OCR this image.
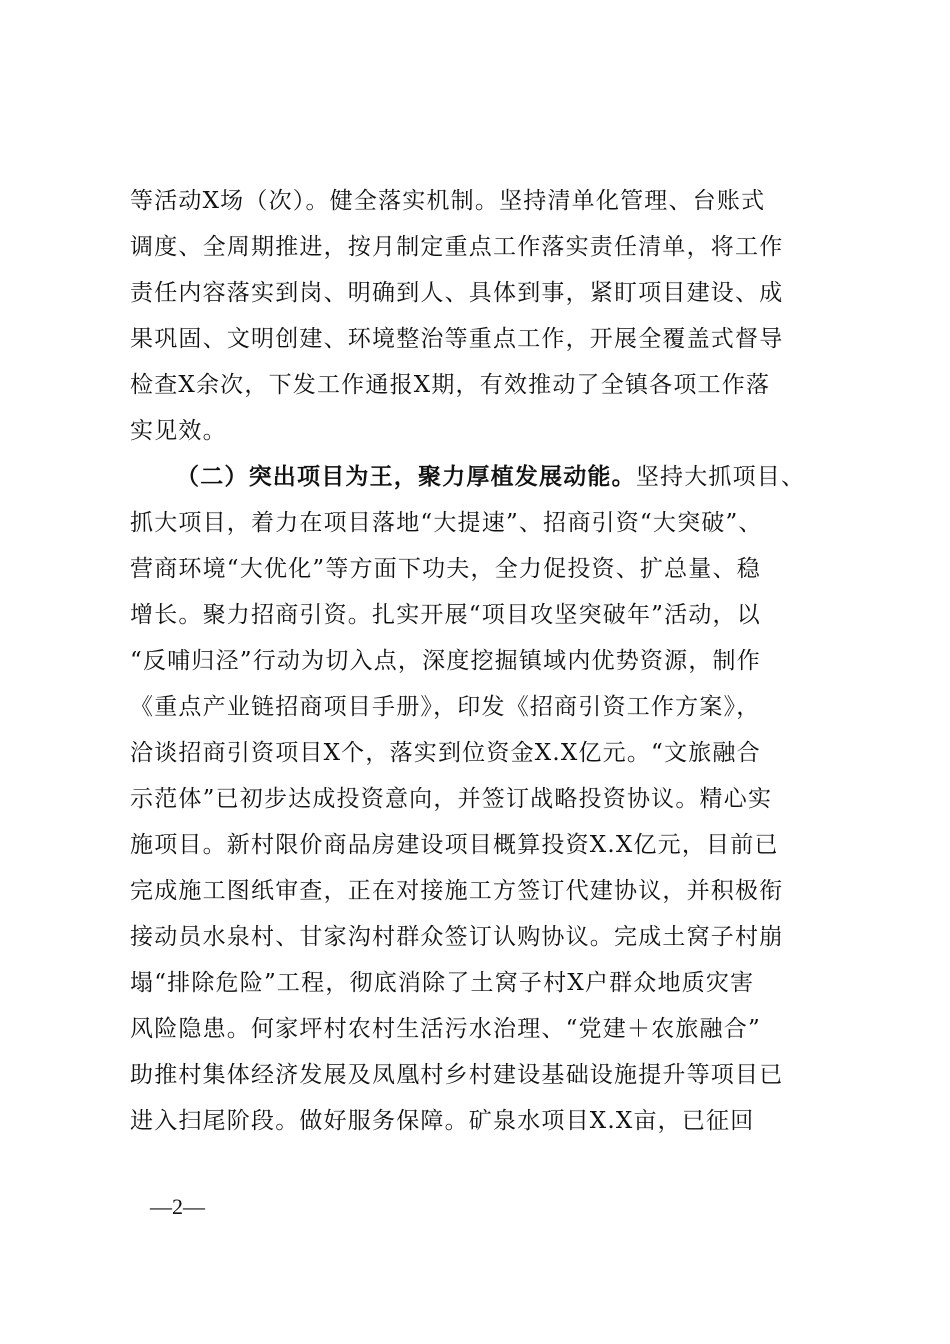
等活动X场（次）。健全落实机制。坚持清单化管理、台账式
调度、全周期推进，按月制定重点工作落实责任清单，将工作
责任内容落实到岗、明确到人、具体到事，紧盯项目建设、成
果巩固、文明创建、环境整治等重点工作，开展全覆盖式督导
检查X余次，下发工作通报X期，有效推动了全镇各项工作落
实见效。
（二）突出项目为王，聚力厚植发展动能。坚持大抓项目、
抓大项目，着力在项目落地“大提速”、招商引资“大突破”、
营商环境“大优化”等方面下功夫，全力促投资、扩总量、稳
增长。聚力招商引资。扎实开展“项目攻坚突破年”活动，以
“反哺归泾”行动为切入点，深度挖掘镇域内优势资源，制作
《重点产业链招商项目手册》，印发《招商引资工作方案》，
洽谈招商引资项目X个，落实到位资金X.X亿元。“文旅融合
示范体”已初步达成投资意向，并签订战略投资协议。精心实
施项目。新村限价商品房建设项目概算投资X.X亿元，目前已
完成施工图纸审查，正在对接施工方签订代建协议，并积极衔
接动员水泉村、甘家沟村群众签订认购协议。完成土窝子村崩
塌“排除危险”工程，彻底消除了土窝子村X户群众地质灾害
风险隐患。何家坪村农村生活污水治理、“党建＋农旅融合”
助推村集体经济发展及凤凰村乡村建设基础设施提升等项目已
进入扫尾阶段。做好服务保障。矿泉水项目X.X亩，已征回
—2—
